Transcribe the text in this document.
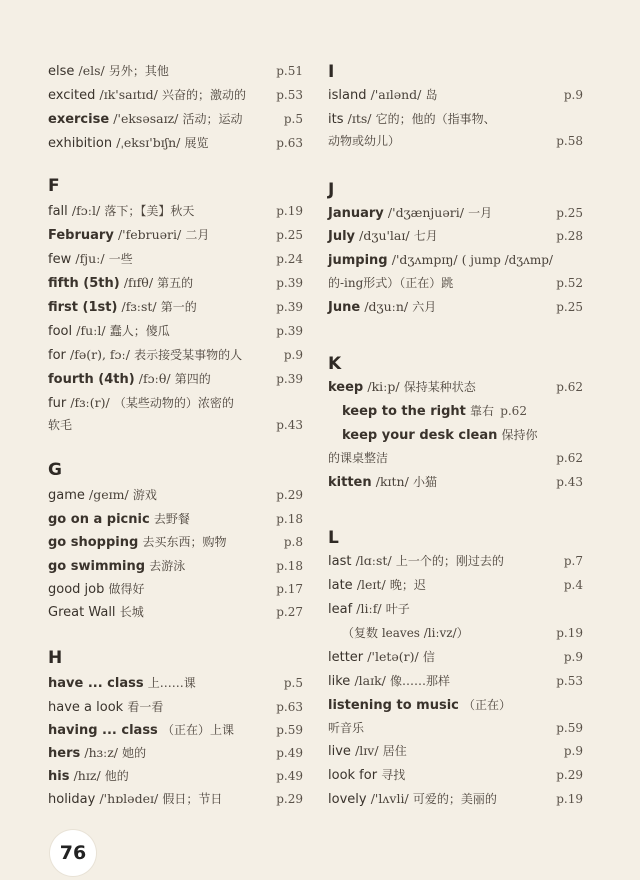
else /els/ 另外；其他	p.51
excited /ɪk'saɪtɪd/ 兴奋的；激动的	p.53
exercise /'eksəsaɪz/ 活动；运动	p.5
exhibition /ˌeksɪ'bɪʃn/ 展览	p.63
F
fall /fɔːl/ 落下；【美】秋天	p.19
February /'februəri/ 二月	p.25
few /fjuː/ 一些	p.24
fifth (5th) /fɪfθ/ 第五的	p.39
first (1st) /fɜːst/ 第一的	p.39
fool /fuːl/ 蠢人；傻瓜	p.39
for /fə(r), fɔː/ 表示接受某事物的人	p.9
fourth (4th) /fɔːθ/ 第四的	p.39
fur /fɜː(r)/ （某些动物的）浓密的
软毛	p.43
G
game /geɪm/ 游戏	p.29
go on a picnic 去野餐	p.18
go shopping 去买东西；购物	p.8
go swimming 去游泳	p.18
good job 做得好	p.17
Great Wall 长城	p.27
H
have ... class 上……课	p.5
have a look 看一看	p.63
having ... class （正在）上课	p.59
hers /hɜːz/ 她的	p.49
his /hɪz/ 他的	p.49
holiday /'hɒlədeɪ/ 假日；节日	p.29
I
island /'aɪlənd/ 岛	p.9
its /ɪts/ 它的；他的（指事物、
动物或幼儿）	p.58
J
January /'dʒænjuəri/ 一月	p.25
July /dʒu'laɪ/ 七月	p.28
jumping /'dʒʌmpɪŋ/ ( jump /dʒʌmp/
的-ing形式）（正在）跳	p.52
June /dʒuːn/ 六月	p.25
K
keep /kiːp/ 保持某种状态	p.62
keep to the right 靠右 p.62
keep your desk clean 保持你
的课桌整洁	p.62
kitten /kɪtn/ 小猫	p.43
L
last /lɑːst/ 上一个的；刚过去的	p.7
late /leɪt/ 晚；迟	p.4
leaf /liːf/ 叶子
（复数 leaves /liːvz/）	p.19
letter /'letə(r)/ 信	p.9
like /laɪk/ 像……那样	p.53
listening to music （正在）
听音乐	p.59
live /lɪv/ 居住	p.9
look for 寻找	p.29
lovely /'lʌvli/ 可爱的；美丽的	p.19
76
